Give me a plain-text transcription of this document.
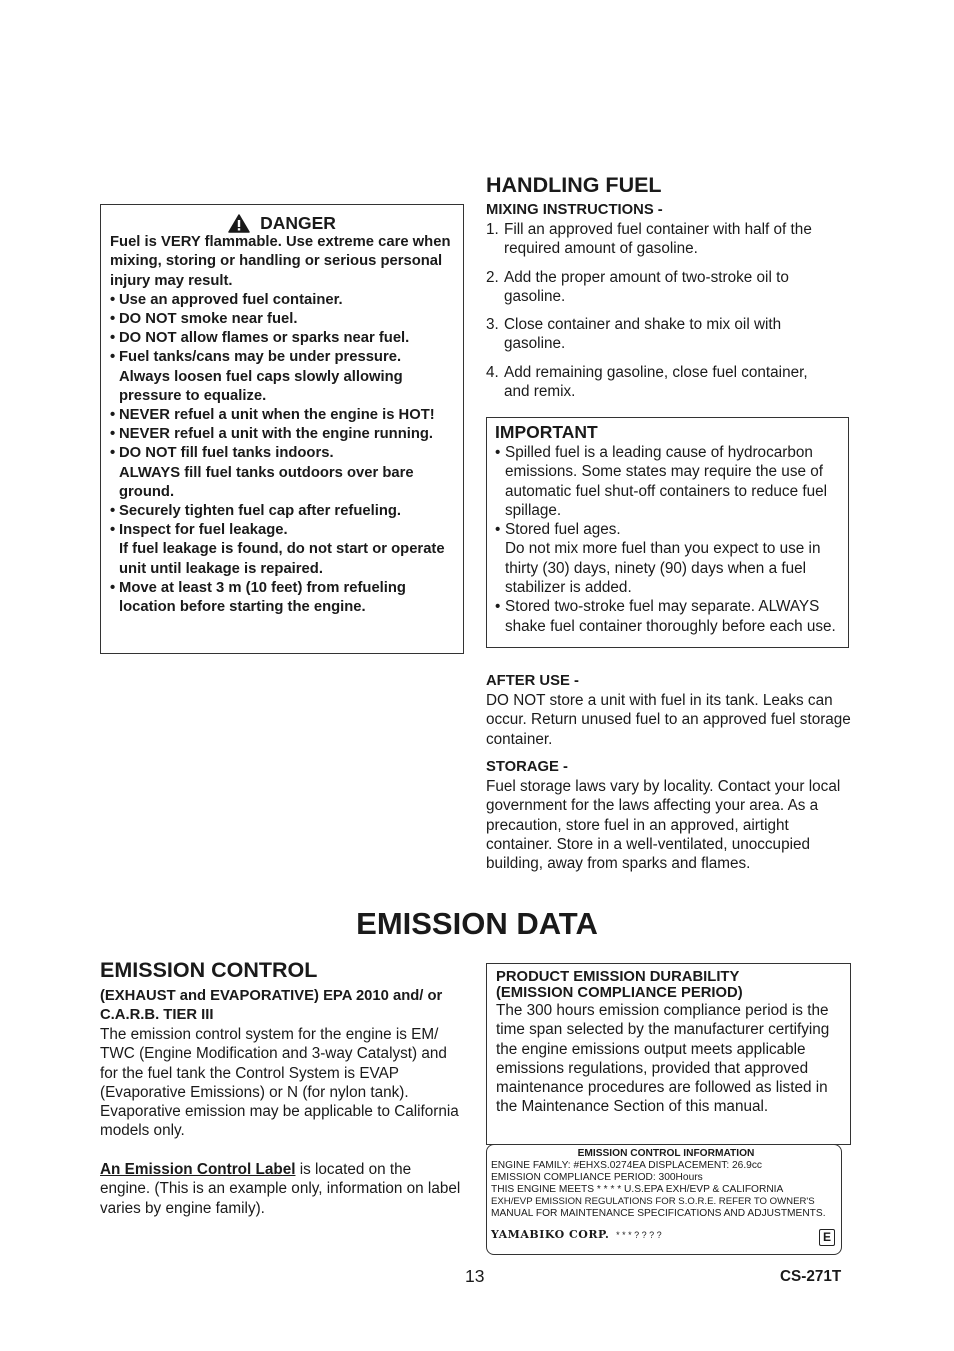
DANGER

Fuel is VERY flammable. Use extreme care when mixing, storing or handling or serious personal injury may result.

• Use an approved fuel container.
• DO NOT smoke near fuel.
• DO NOT allow flames or sparks near fuel.
• Fuel tanks/cans may be under pressure. Always loosen fuel caps slowly allowing pressure to equalize.
• NEVER refuel a unit when the engine is HOT!
• NEVER refuel a unit with the engine running.
• DO NOT fill fuel tanks indoors.
ALWAYS fill fuel tanks outdoors over bare ground.
• Securely tighten fuel cap after refueling.
• Inspect for fuel leakage.
If fuel leakage is found, do not start or operate unit until leakage is repaired.
• Move at least 3 m (10 feet) from refueling location before starting the engine.
HANDLING FUEL
MIXING INSTRUCTIONS -
1. Fill an approved fuel container with half of the required amount of gasoline.
2. Add the proper amount of two-stroke oil to gasoline.
3. Close container and shake to mix oil with gasoline.
4. Add remaining gasoline, close fuel container, and remix.
IMPORTANT
• Spilled fuel is a leading cause of hydrocarbon emissions. Some states may require the use of automatic fuel shut-off containers to reduce fuel spillage.
• Stored fuel ages.
Do not mix more fuel than you expect to use in thirty (30) days, ninety (90) days when a fuel stabilizer is added.
• Stored two-stroke fuel may separate. ALWAYS shake fuel container thoroughly before each use.
AFTER USE -

DO NOT store a unit with fuel in its tank. Leaks can occur. Return unused fuel to an approved fuel storage container.

STORAGE -

Fuel storage laws vary by locality. Contact your local government for the laws affecting your area. As a precaution, store fuel in an approved, airtight container. Store in a well-ventilated, unoccupied building, away from sparks and flames.

EMISSION DATA
EMISSION CONTROL
(EXHAUST and EVAPORATIVE) EPA 2010 and/ or C.A.R.B. TIER III

The emission control system for the engine is EM/ TWC (Engine Modification and 3-way Catalyst) and for the fuel tank the Control System is EVAP (Evaporative Emissions) or N (for nylon tank). Evaporative emission may be applicable to California models only.

An Emission Control Label is located on the engine. (This is an example only, information on label varies by engine family).

PRODUCT EMISSION DURABILITY
(EMISSION COMPLIANCE PERIOD)

The 300 hours emission compliance period is the time span selected by the manufacturer certifying the engine emissions output meets applicable emissions regulations, provided that approved maintenance procedures are followed as listed in the Maintenance Section of this manual.

EMISSION CONTROL INFORMATION
ENGINE FAMILY: #EHXS.0274EA DISPLACEMENT: 26.9cc
EMISSION COMPLIANCE PERIOD: 300Hours
THIS ENGINE MEETS * * * * U.S.EPA EXH/EVP & CALIFORNIA
EXH/EVP EMISSION REGULATIONS FOR S.O.R.E. REFER TO OWNER'S
MANUAL FOR MAINTENANCE SPECIFICATIONS AND ADJUSTMENTS.
YAMABIKO CORP. * * * ? ? ? ?	E
13	CS-271T
